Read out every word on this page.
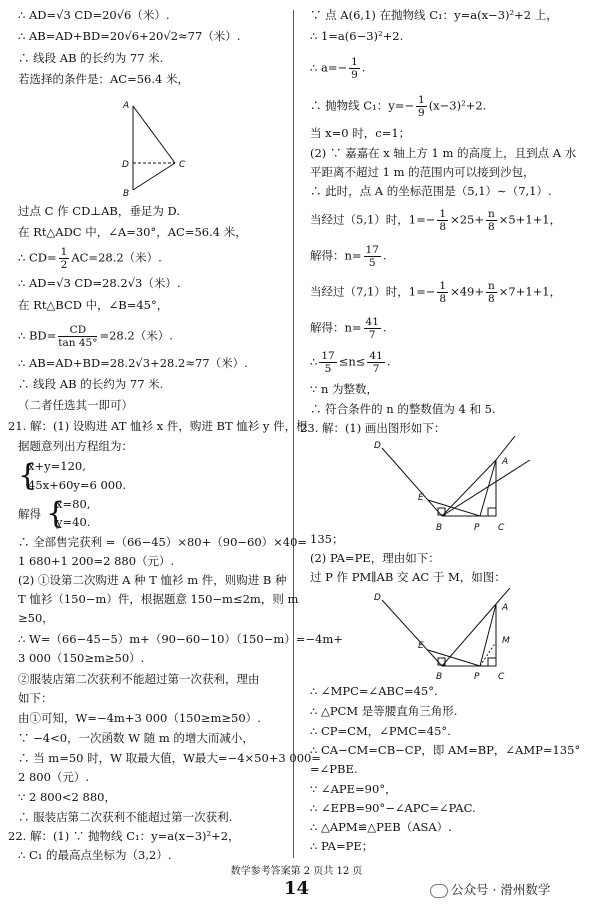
∴ AD=√3 CD=20√6（米）.
∴ AB=AD+BD=20√6+20√2≈77（米）.
∴ 线段 AB 的长约为 77 米.
若选择的条件是：AC=56.4 米，
A
D	C
B
过点 C 作 CD⊥AB，垂足为 D.
在 Rt△ADC 中，∠A=30°，AC=56.4 米，
∴ $CD= \frac{1}{2} AC=28.2$（米）.
∴ AD=√3 CD=28.2√3（米）.
在 Rt△BCD 中，∠B=45°，
∴ $BD= \frac{CD}{\tan 45^\circ} =28.2$（米）.
∴ AB=AD+BD=28.2√3+28.2≈77（米）.
∴ 线段 AB 的长约为 77 米.
（二者任选其一即可）
21. 解：(1) 设购进 AT 恤衫 x 件，购进 BT 恤衫 y 件，根
据题意列出方程组为：
{
x+y=120,
45x+60y=6 000.
解得 {
x=80,
y=40.
∴ 全部售完获利 =（66−45）×80+（90−60）×40=
1 680+1 200=2 880（元）.
(2) ①设第二次购进 A 种 T 恤衫 m 件，则购进 B 种
T 恤衫（150−m）件，根据题意 150−m≤2m，则 m
≥50，
∴ W=（66−45−5）m+（90−60−10）（150−m）=−4m+
3 000（150≥m≥50）.
②服装店第二次获利不能超过第一次获利，理由
如下：
由①可知，W=−4m+3 000（150≥m≥50）.
∵ −4<0，一次函数 W 随 m 的增大而减小，
∴ 当 m=50 时，W 取最大值，W最大=−4×50+3 000=
2 800（元）.
∵ 2 800<2 880，
∴ 服装店第二次获利不能超过第一次获利.
22. 解：(1) ∵ 抛物线 C₁：y=a(x−3)²+2，
∴ C₁ 的最高点坐标为（3,2）.
∵ 点 A(6,1) 在抛物线 C₁：y=a(x−3)²+2 上，
∴ 1=a(6−3)²+2.
∴ $a=- \frac{1}{9}$ .
∴ 抛物线 C₁：$y=- \frac{1}{9} (x-3)^2+2$.
当 x=0 时，c=1；
(2) ∵ 嘉嘉在 x 轴上方 1 m 的高度上，且到点 A 水
平距离不超过 1 m 的范围内可以接到沙包，
∴ 此时，点 A 的坐标范围是（5,1）∼（7,1）.
当经过（5,1）时，$1=- \frac{1}{8} \times 25+ \frac{n}{8} \times 5+1+1$，
解得：$n= \frac{17}{5}$ .
当经过（7,1）时，$1=- \frac{1}{8} \times 49+ \frac{n}{8} \times 7+1+1$，
解得：$n= \frac{41}{7}$ .
∴ $\frac{17}{5} \le n\le \frac{41}{7}$ .
∵ n 为整数，
∴ 符合条件的 n 的整数值为 4 和 5.
23. 解：(1) 画出图形如下：
D
A
E
B	P C
135；
(2) PA=PE，理由如下：
过 P 作 PM∥AB 交 AC 于 M，如图：
D
A
E	M
B	P C
∴ ∠MPC=∠ABC=45°.
∴ △PCM 是等腰直角三角形.
∴ CP=CM，∠PMC=45°.
∴ CA−CM=CB−CP，即 AM=BP，∠AMP=135°
=∠PBE.
∵ ∠APE=90°，
∴ ∠EPB=90°−∠APC=∠PAC.
∴ △APM≌△PEB（ASA）.
∴ PA=PE；
数学参考答案第 2 页共 12 页
14	公众号 · 滑州数学
